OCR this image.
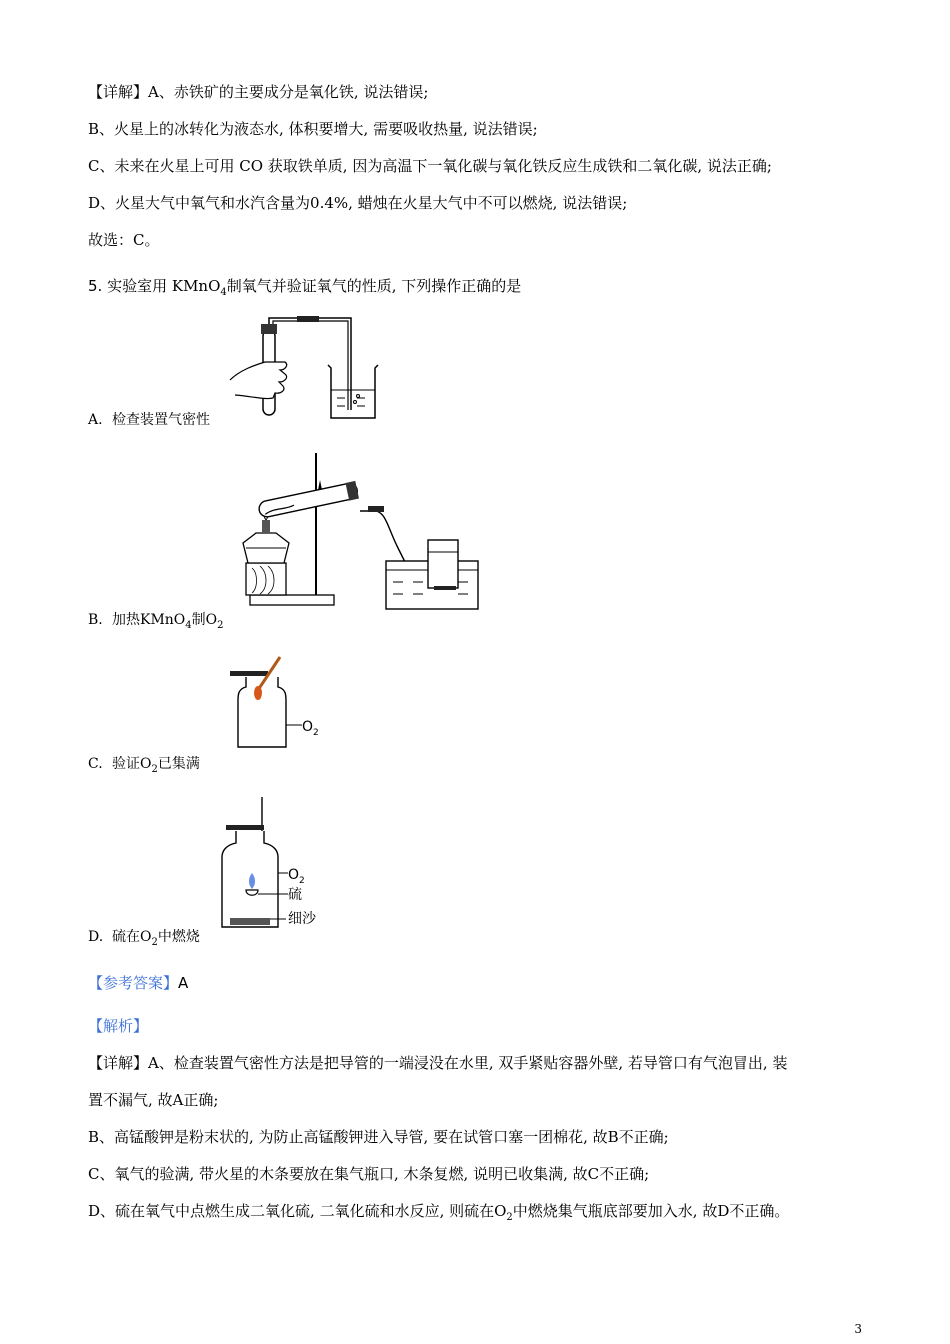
【详解】A、赤铁矿的主要成分是氧化铁, 说法错误;
B、火星上的冰转化为液态水, 体积要增大, 需要吸收热量, 说法错误;
C、未来在火星上可用 CO 获取铁单质, 因为高温下一氧化碳与氧化铁反应生成铁和二氧化碳, 说法正确;
D、火星大气中氧气和水汽含量为0.4%, 蜡烛在火星大气中不可以燃烧, 说法错误;
故选：C。
5. 实验室用 KMnO$_4$制氧气并验证氧气的性质, 下列操作正确的是
A. 检查装置气密性
B. 加热KMnO$_4$制$O_2$
O 2
C. 验证$O_2$已集满
O 2
硫
细沙
D. 硫在$O_2$中燃烧
【参考答案】A
【解析】
【详解】A、检查装置气密性方法是把导管的一端浸没在水里, 双手紧贴容器外壁, 若导管口有气泡冒出, 装
置不漏气, 故A正确;
B、高锰酸钾是粉末状的, 为防止高锰酸钾进入导管, 要在试管口塞一团棉花, 故B不正确;
C、氧气的验满, 带火星的木条要放在集气瓶口, 木条复燃, 说明已收集满, 故C不正确;
D、硫在氧气中点燃生成二氧化硫, 二氧化硫和水反应, 则硫在$O_2$中燃烧集气瓶底部要加入水, 故D不正确。
3
